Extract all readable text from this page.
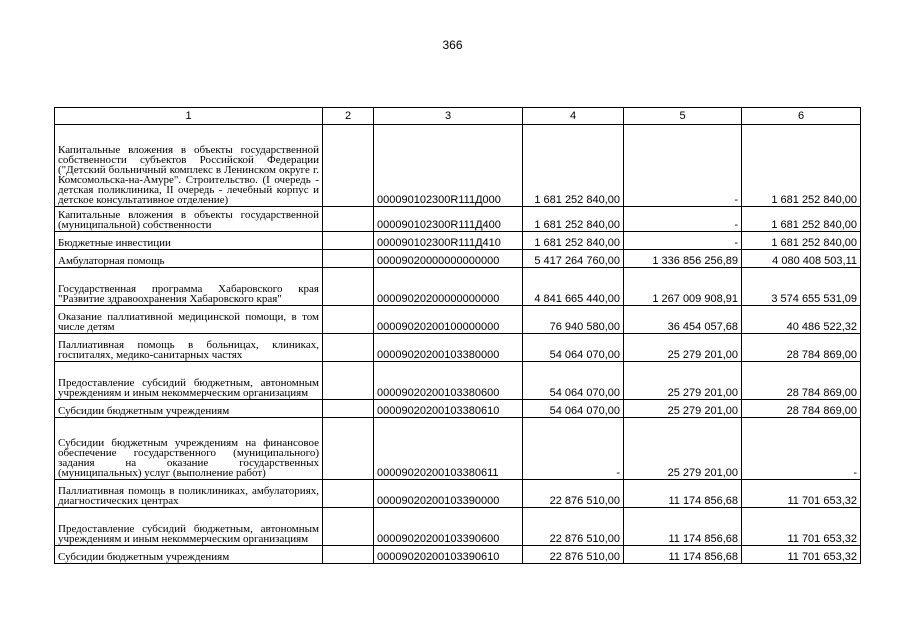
366
1	2	3	4	5	6
Капитальные вложения в объекты государственной собственности субъектов Российской Федерации ("Детский больничный комплекс в Ленинском округе г. Комсомольска-на-Амуре". Строительство. (I очередь - детская поликлиника, II очередь - лечебный корпус и детское консультативное отделение)		000090102300R111Д000	1 681 252 840,00	-	1 681 252 840,00
Капитальные вложения в объекты государственной (муниципальной) собственности		000090102300R111Д400	1 681 252 840,00	-	1 681 252 840,00
Бюджетные инвестиции		000090102300R111Д410	1 681 252 840,00	-	1 681 252 840,00
Амбулаторная помощь		00009020000000000000	5 417 264 760,00	1 336 856 256,89	4 080 408 503,11
Государственная программа Хабаровского края "Развитие здравоохранения Хабаровского края"		00009020200000000000	4 841 665 440,00	1 267 009 908,91	3 574 655 531,09
Оказание паллиативной медицинской помощи, в том числе детям		00009020200100000000	76 940 580,00	36 454 057,68	40 486 522,32
Паллиативная помощь в больницах, клиниках, госпиталях, медико-санитарных частях		00009020200103380000	54 064 070,00	25 279 201,00	28 784 869,00
Предоставление субсидий бюджетным, автономным учреждениям и иным некоммерческим организациям		00009020200103380600	54 064 070,00	25 279 201,00	28 784 869,00
Субсидии бюджетным учреждениям		00009020200103380610	54 064 070,00	25 279 201,00	28 784 869,00
Субсидии бюджетным учреждениям на финансовое обеспечение государственного (муниципального) задания на оказание государственных (муниципальных) услуг (выполнение работ)		00009020200103380611	-	25 279 201,00	-
Паллиативная помощь в поликлиниках, амбулаториях, диагностических центрах		00009020200103390000	22 876 510,00	11 174 856,68	11 701 653,32
Предоставление субсидий бюджетным, автономным учреждениям и иным некоммерческим организациям		00009020200103390600	22 876 510,00	11 174 856,68	11 701 653,32
Субсидии бюджетным учреждениям		00009020200103390610	22 876 510,00	11 174 856,68	11 701 653,32
